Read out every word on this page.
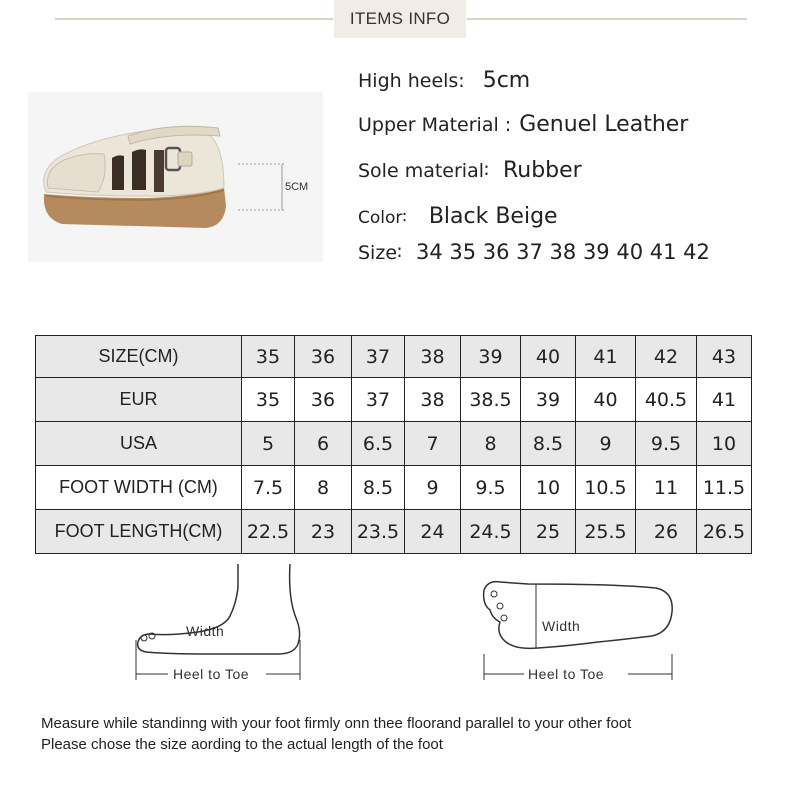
ITEMS INFO
5CM
High heels: 5cm
Upper Material : Genuel Leather
Sole material∶ Rubber
Color∶ Black Beige
Size∶ 34 35 36 37 38 39 40 41 42
SIZE(CM)	35	36	37	38	39	40	41	42	43
EUR	35	36	37	38	38.5	39	40	40.5	41
USA	5	6	6.5	7	8	8.5	9	9.5	10
FOOT WIDTH (CM)	7.5	8	8.5	9	9.5	10	10.5	11	11.5
FOOT LENGTH(CM)	22.5	23	23.5	24	24.5	25	25.5	26	26.5
Width
Heel to Toe
Width
Heel to Toe
Measure while standinng with your foot firmly onn thee floorand parallel to your other foot
Please chose the size aording to the actual length of the foot
